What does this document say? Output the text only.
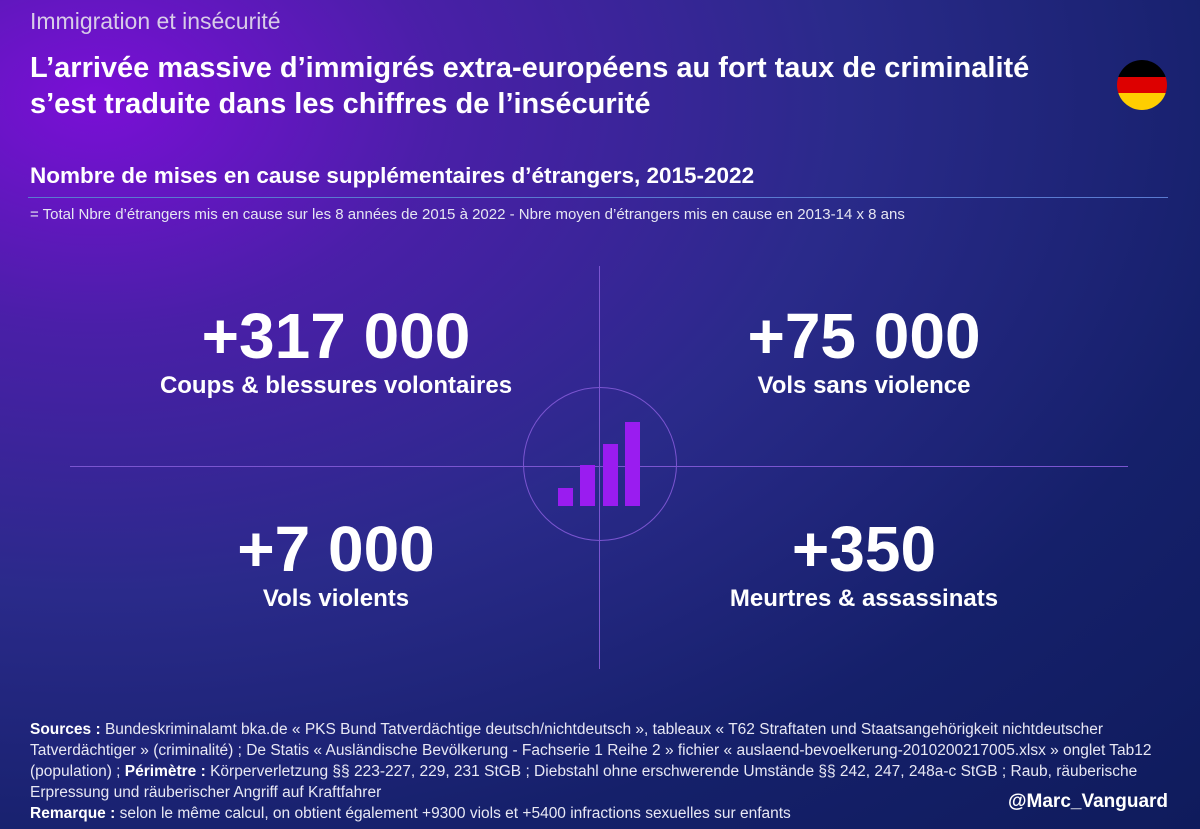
Immigration et insécurité
L’arrivée massive d’immigrés extra-européens au fort taux de criminalité s’est traduite dans les chiffres de l’insécurité
Nombre de mises en cause supplémentaires d’étrangers, 2015-2022
= Total Nbre d’étrangers mis en cause sur les 8 années de 2015 à 2022 - Nbre moyen d’étrangers mis en cause en 2013-14 x 8 ans
+317 000
Coups & blessures volontaires
+75 000
Vols sans violence
+7 000
Vols violents
+350
Meurtres & assassinats
Sources : Bundeskriminalamt bka.de « PKS Bund Tatverdächtige deutsch/nichtdeutsch », tableaux « T62 Straftaten und Staatsangehörigkeit nichtdeutscher Tatverdächtiger » (criminalité) ; De Statis « Ausländische Bevölkerung - Fachserie 1 Reihe 2 » fichier « auslaend-bevoelkerung-2010200217005.xlsx » onglet Tab12 (population) ; Périmètre : Körperverletzung §§ 223-227, 229, 231 StGB ; Diebstahl ohne erschwerende Umstände §§ 242, 247, 248a-c StGB ; Raub, räuberische Erpressung und räuberischer Angriff auf Kraftfahrer
Remarque : selon le même calcul, on obtient également +9300 viols et +5400 infractions sexuelles sur enfants
@Marc_Vanguard
